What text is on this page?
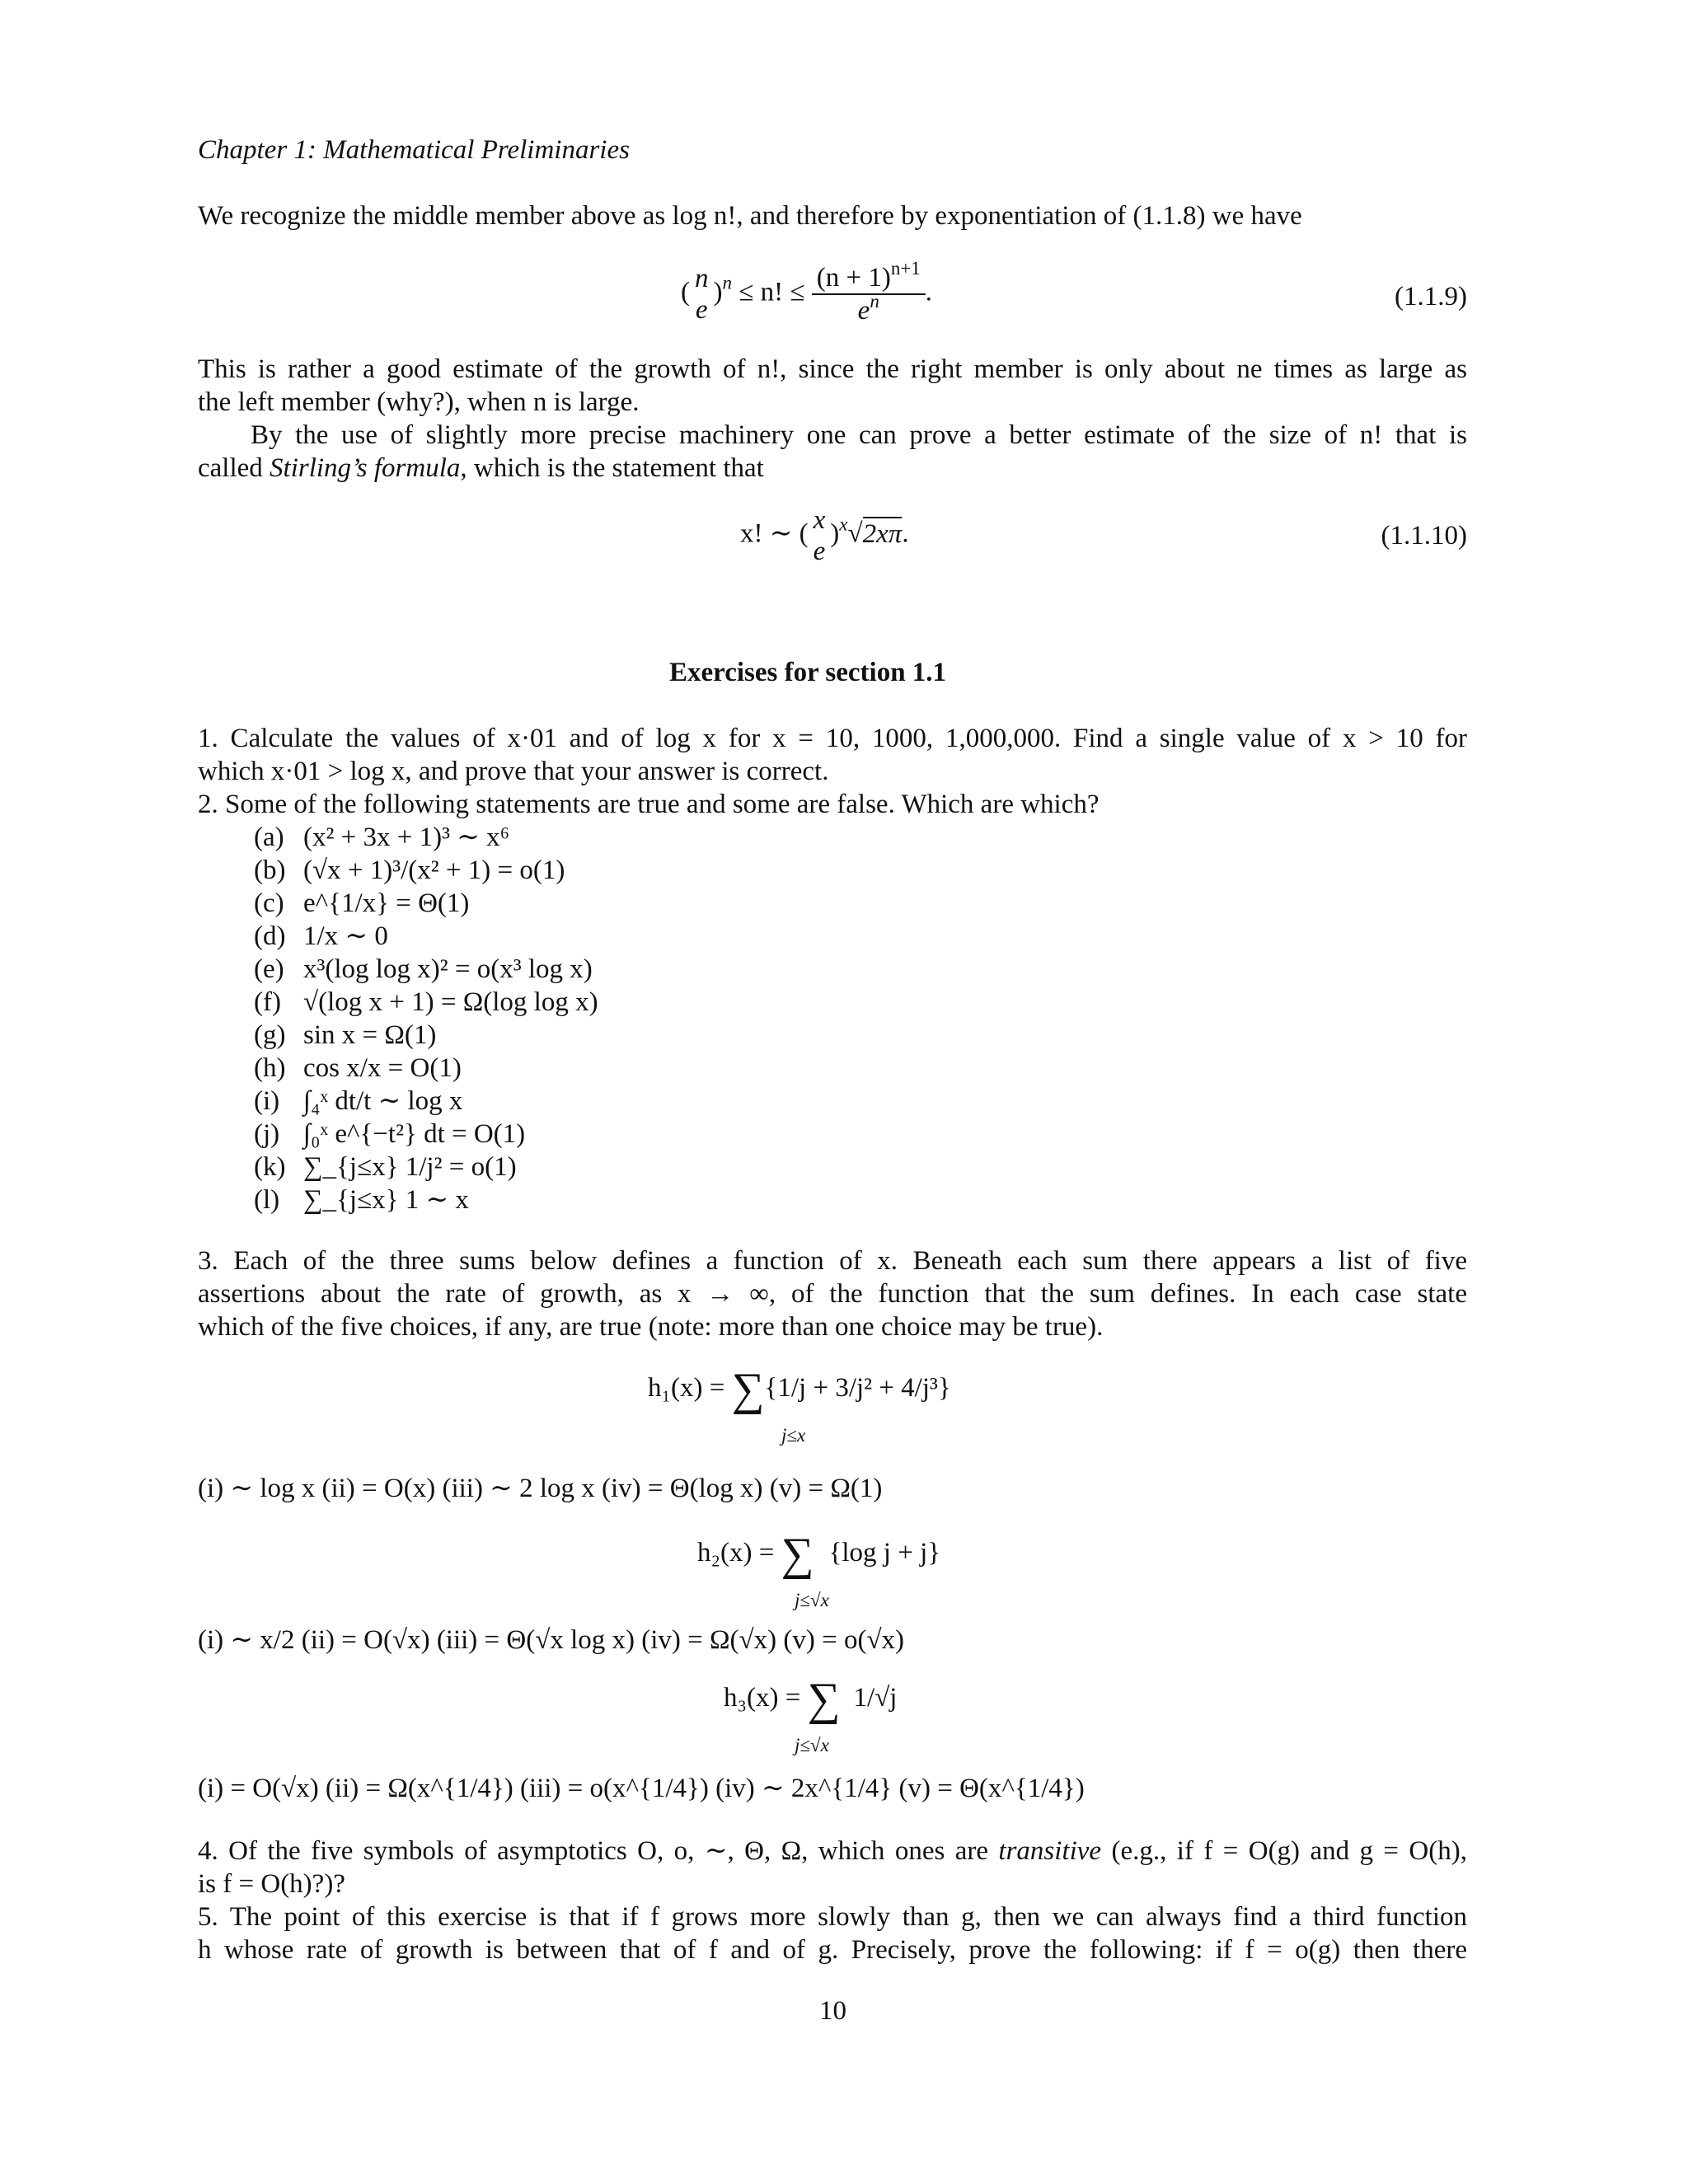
Chapter 1: Mathematical Preliminaries
We recognize the middle member above as log n!, and therefore by exponentiation of (1.1.8) we have
( n
e
)$^n$ ≤ n! ≤ $\frac{(n + 1)^{n+1}}{e^n}$ .	(1.1.9)
This is rather a good estimate of the growth of n!, since the right member is only about ne times as large as
the left member (why?), when n is large.
By the use of slightly more precise machinery one can prove a better estimate of the size of n! that is
called Stirling’s formula, which is the statement that
x! ∼ ( x
e
)$^x$√2xπ.	(1.1.10)
Exercises for section 1.1
1. Calculate the values of x·01 and of log x for x = 10, 1000, 1,000,000. Find a single value of x > 10 for
which x·01 > log x, and prove that your answer is correct.
2. Some of the following statements are true and some are false. Which are which?
(a) (x² + 3x + 1)³ ∼ x⁶
(b) (√x + 1)³/(x² + 1) = o(1)
(c) e^{1/x} = Θ(1)
(d) 1/x ∼ 0
(e) x³(log log x)² = o(x³ log x)
(f) √(log x + 1) = Ω(log log x)
(g) sin x = Ω(1)
(h) cos x/x = O(1)
(i) ∫₄ˣ dt/t ∼ log x
(j) ∫₀ˣ e^{−t²} dt = O(1)
(k) ∑_{j≤x} 1/j² = o(1)
(l) ∑_{j≤x} 1 ∼ x
3. Each of the three sums below defines a function of x. Beneath each sum there appears a list of five
assertions about the rate of growth, as x → ∞, of the function that the sum defines. In each case state
which of the five choices, if any, are true (note: more than one choice may be true).
h₁(x) = ∑{1/j + 3/j² + 4/j³}
j≤x
(i) ∼ log x (ii) = O(x) (iii) ∼ 2 log x (iv) = Θ(log x) (v) = Ω(1)
h₂(x) = ∑ {log j + j}
j≤√x
(i) ∼ x/2 (ii) = O(√x) (iii) = Θ(√x log x) (iv) = Ω(√x) (v) = o(√x)
h₃(x) = ∑ 1/√j
j≤√x
(i) = O(√x) (ii) = Ω(x^{1/4}) (iii) = o(x^{1/4}) (iv) ∼ 2x^{1/4} (v) = Θ(x^{1/4})
4. Of the five symbols of asymptotics O, o, ∼, Θ, Ω, which ones are transitive (e.g., if f = O(g) and g = O(h),
is f = O(h)?)?
5. The point of this exercise is that if f grows more slowly than g, then we can always find a third function
h whose rate of growth is between that of f and of g. Precisely, prove the following: if f = o(g) then there
10
